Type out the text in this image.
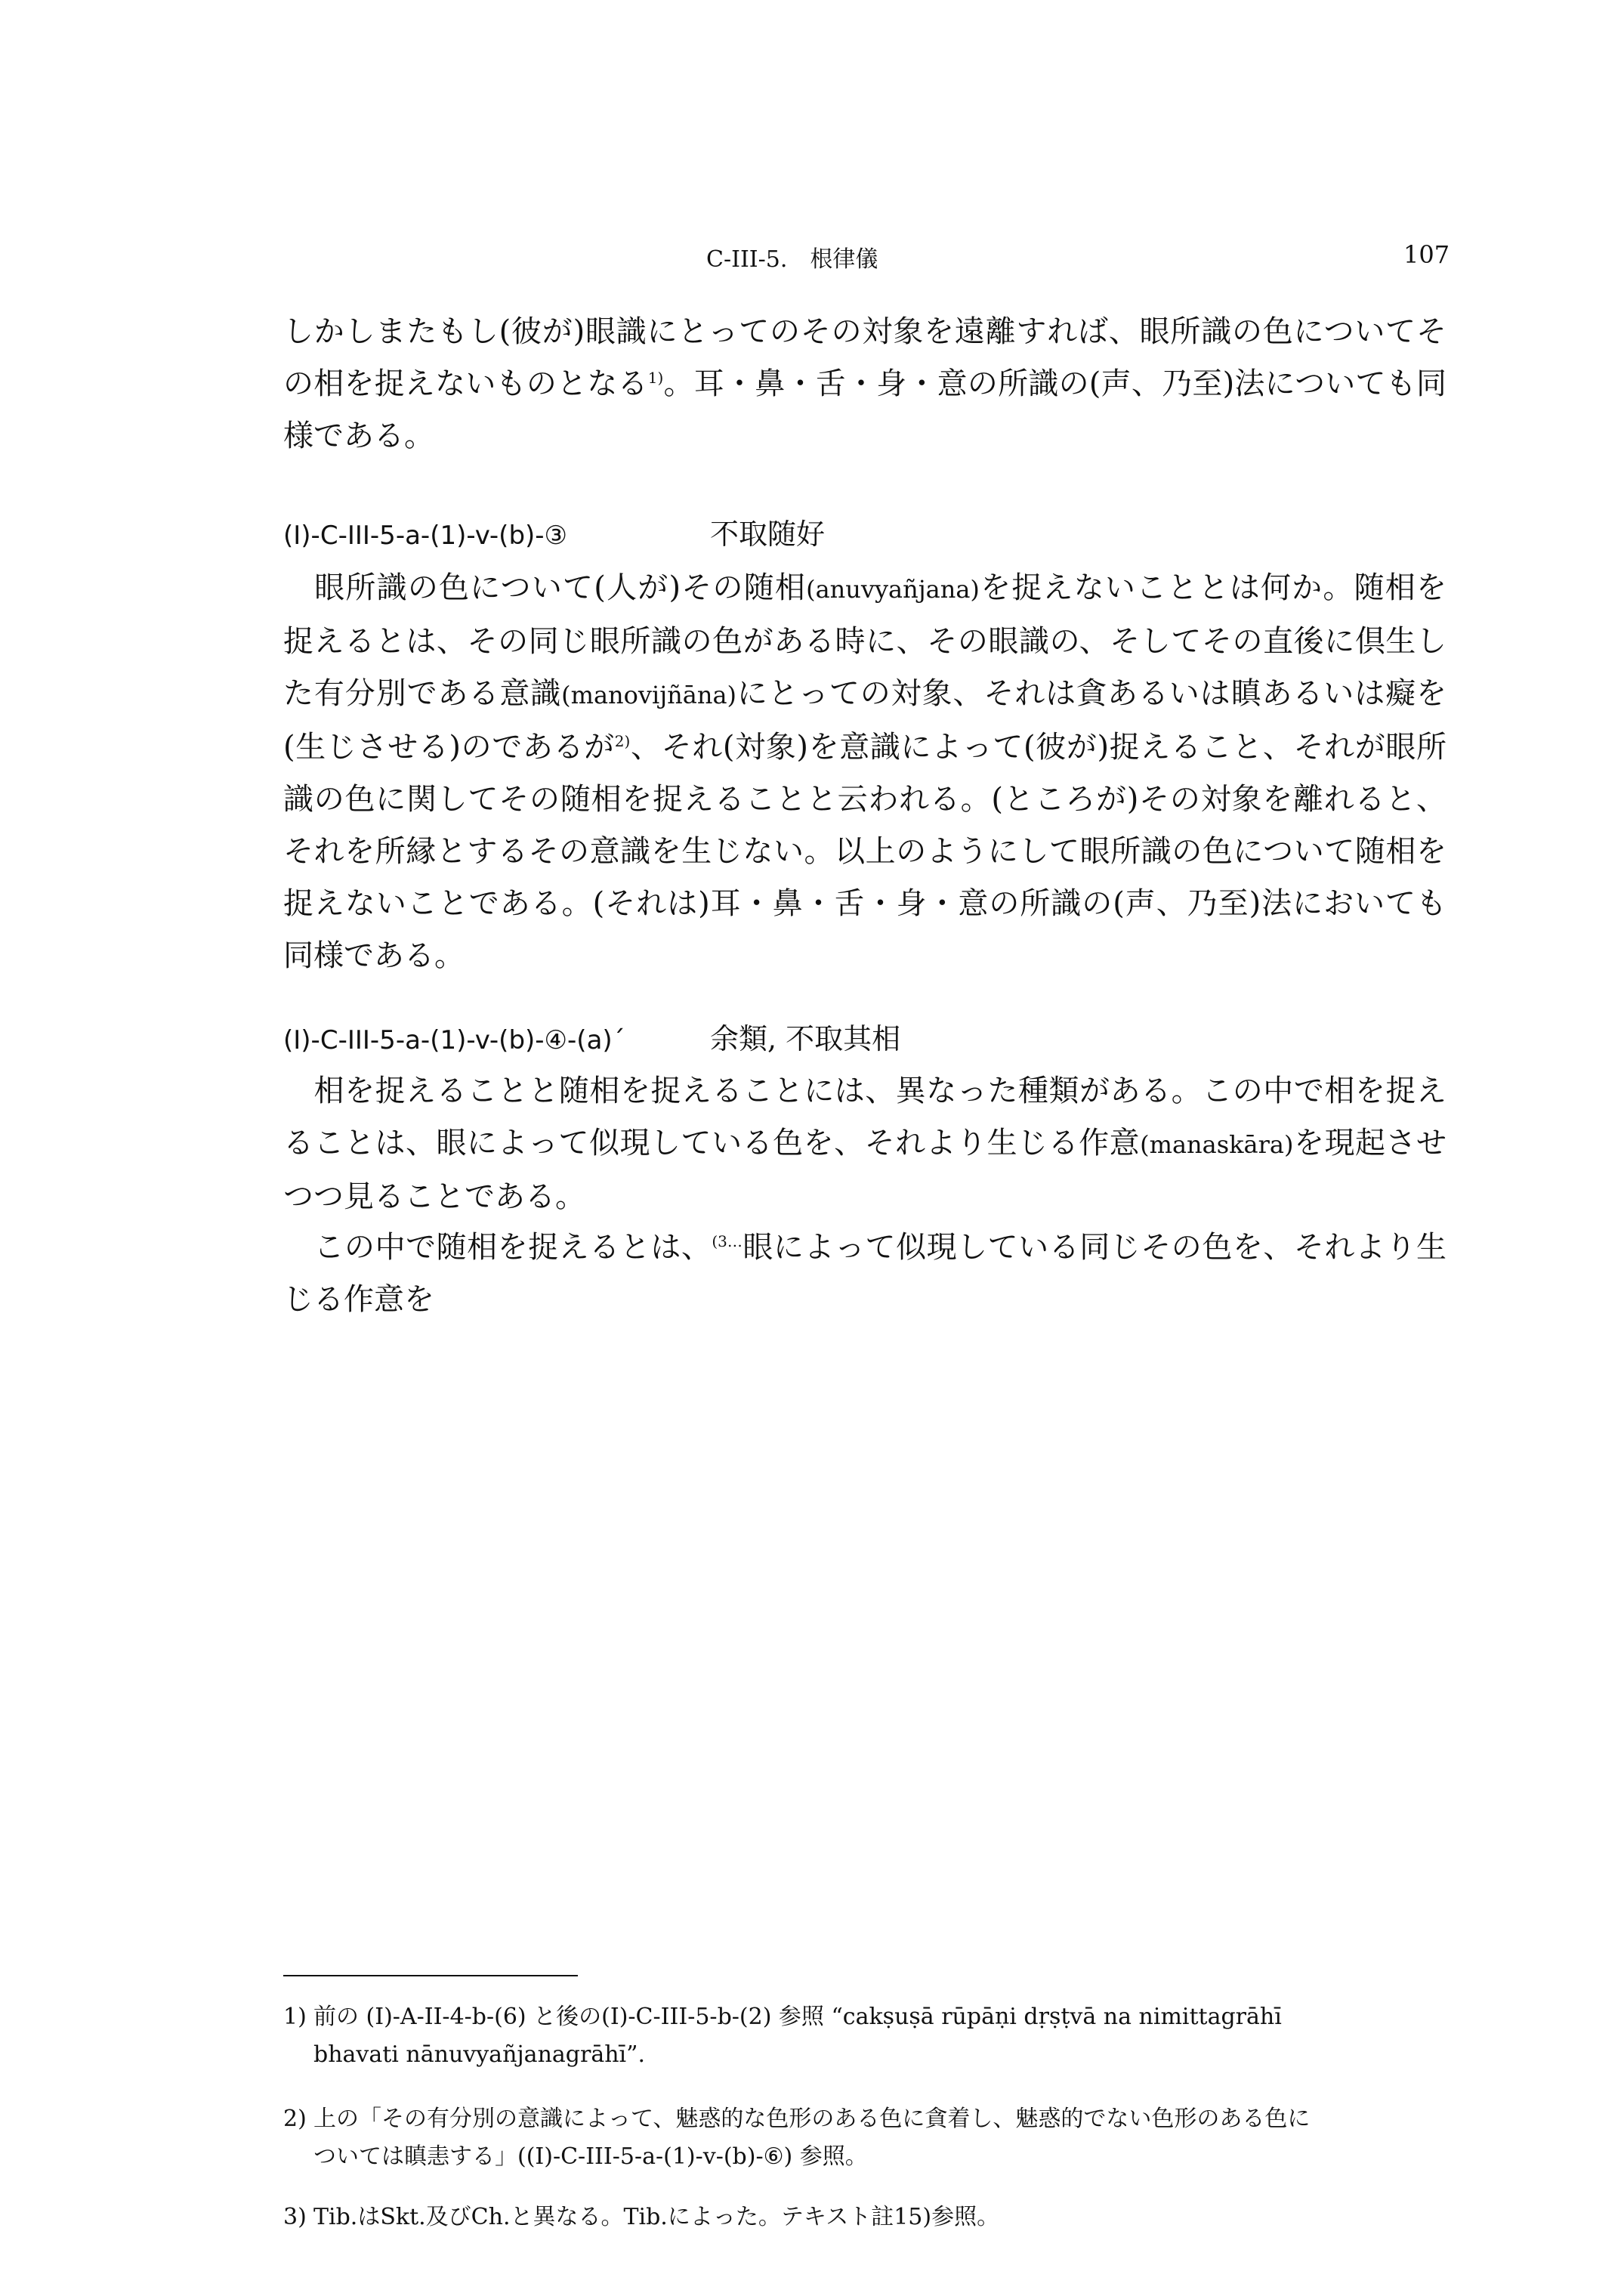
C-III-5.　根律儀	107

しかしまたもし(彼が)眼識にとってのその対象を遠離すれば、眼所識の色についてその相を捉えないものとなる$^{1)}$。耳・鼻・舌・身・意の所識の(声、乃至)法についても同様である。

(I)-C-III-5-a-(1)-v-(b)-③	不取随好

眼所識の色について(人が)その随相(anuvyañjana)を捉えないこととは何か。随相を捉えるとは、その同じ眼所識の色がある時に、その眼識の、そしてその直後に倶生した有分別である意識(manovijñāna)にとっての対象、それは貪あるいは瞋あるいは癡を(生じさせる)のであるが$^{2)}$、それ(対象)を意識によって(彼が)捉えること、それが眼所識の色に関してその随相を捉えることと云われる。(ところが)その対象を離れると、それを所縁とするその意識を生じない。以上のようにして眼所識の色について随相を捉えないことである。(それは)耳・鼻・舌・身・意の所識の(声、乃至)法においても同様である。

(I)-C-III-5-a-(1)-v-(b)-④-(a)´	余類, 不取其相

相を捉えることと随相を捉えることには、異なった種類がある。この中で相を捉えることは、眼によって似現している色を、それより生じる作意(manaskāra)を現起させつつ見ることである。

この中で随相を捉えるとは、$^{(3\dots}$眼によって似現している同じその色を、それより生じる作意を

1) 前の (I)-A-II-4-b-(6) と後の(I)-C-III-5-b-(2) 参照 “cakṣuṣā rūpāṇi dṛṣṭvā na nimittagrāhī
bhavati nānuvyañjanagrāhī”.

2) 上の「その有分別の意識によって、魅惑的な色形のある色に貪着し、魅惑的でない色形のある色に
ついては瞋恚する」((I)-C-III-5-a-(1)-v-(b)-⑥) 参照。

3) Tib.はSkt.及びCh.と異なる。Tib.によった。テキスト註15)参照。
